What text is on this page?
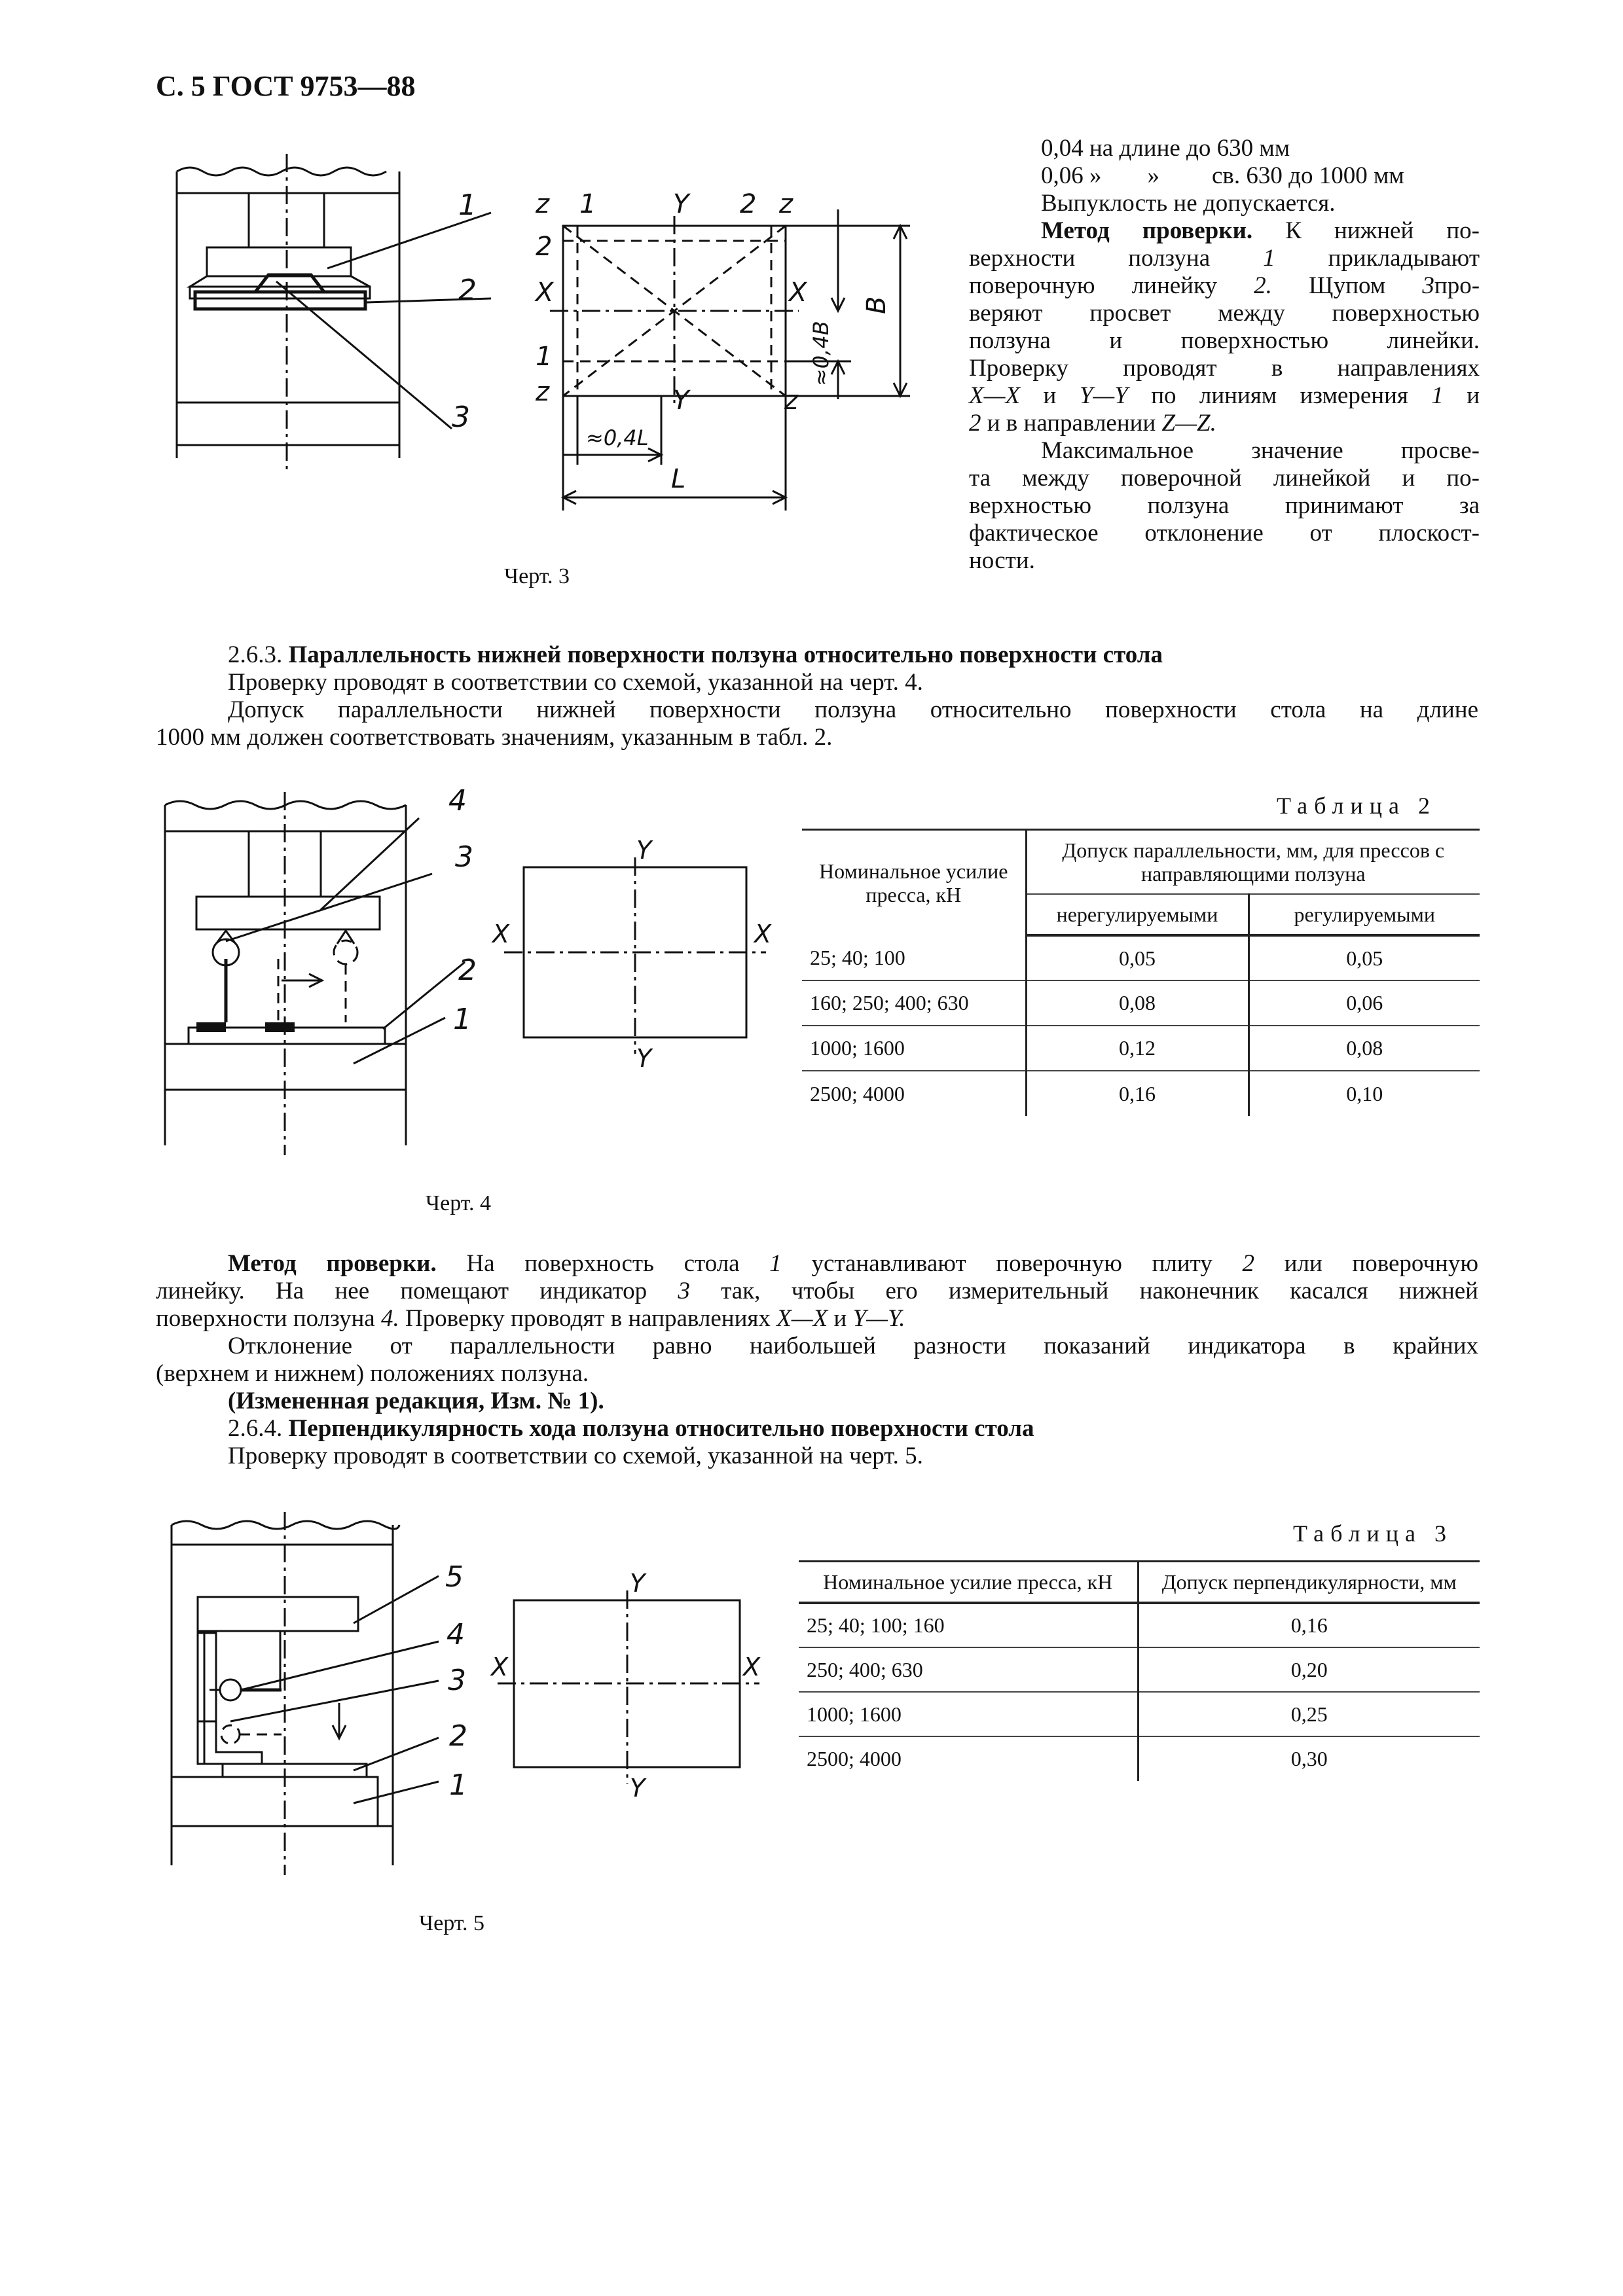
С. 5 ГОСТ 9753—88
1
2
3
z 1	Y 2 z
2
X	X
1
z	Y	z
B
≈0,4B
≈0,4L
L
Черт. 3
0,04 на длине до 630 мм
0,06 » » св. 630 до 1000 мм
Выпуклость не допускается.
Метод проверки. К нижней по-
верхности ползуна 1 прикладывают
поверочную линейку 2. Щупом 3про-
веряют просвет между поверхностью
ползуна и поверхностью линейки.
Проверку проводят в направлениях
X—X и Y—Y по линиям измерения 1 и
2 и в направлении Z—Z.
Максимальное значение просве-
та между поверочной линейкой и по-
верхностью ползуна принимают за
фактическое отклонение от плоскост-
ности.
2.6.3. Параллельность нижней поверхности ползуна относительно поверхности стола
Проверку проводят в соответствии со схемой, указанной на черт. 4.
Допуск параллельности нижней поверхности ползуна относительно поверхности стола на длине
1000 мм должен соответствовать значениям, указанным в табл. 2.
4
3
2
1
Y
X	X
Y
Черт. 4
Таблица 2
Номинальное усилие пресса, кН	Допуск параллельности, мм, для прессов с направляющими ползуна	
	нерегулируемыми	регулируемыми
25; 40; 100	0,05	0,05
160; 250; 400; 630	0,08	0,06
1000; 1600	0,12	0,08
2500; 4000	0,16	0,10
Метод проверки. На поверхность стола 1 устанавливают поверочную плиту 2 или поверочную
линейку. На нее помещают индикатор 3 так, чтобы его измерительный наконечник касался нижней
поверхности ползуна 4. Проверку проводят в направлениях X—X и Y—Y.
Отклонение от параллельности равно наибольшей разности показаний индикатора в крайних
(верхнем и нижнем) положениях ползуна.
(Измененная редакция, Изм. № 1).
2.6.4. Перпендикулярность хода ползуна относительно поверхности стола
Проверку проводят в соответствии со схемой, указанной на черт. 5.
5
4
3
2
1
Y
X	X
Y
Черт. 5
Таблица 3
Номинальное усилие пресса, кН	Допуск перпендикулярности, мм
25; 40; 100; 160	0,16
250; 400; 630	0,20
1000; 1600	0,25
2500; 4000	0,30
